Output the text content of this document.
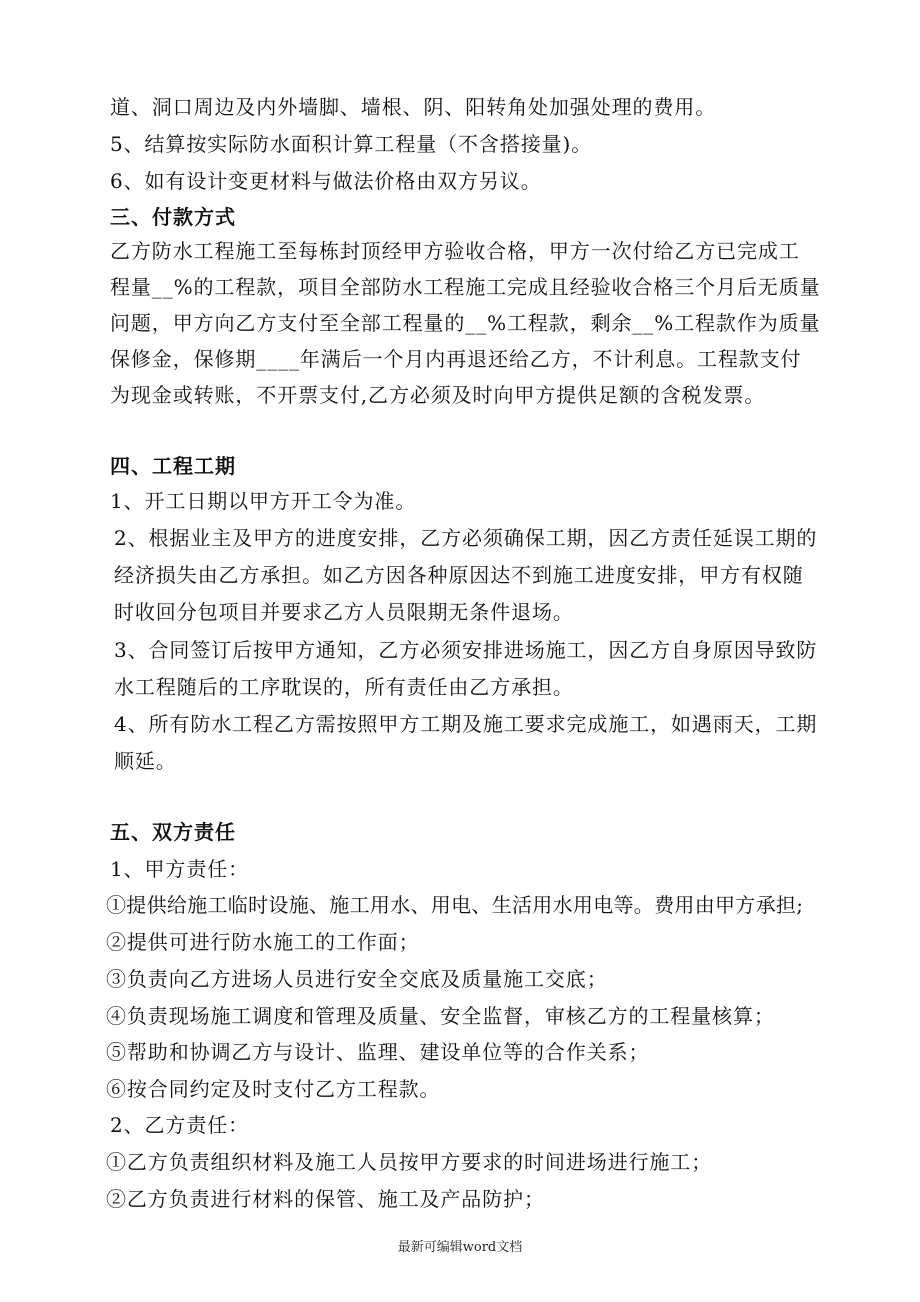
道、洞口周边及内外墙脚、墙根、阴、阳转角处加强处理的费用。
5、结算按实际防水面积计算工程量（不含搭接量)。
6、如有设计变更材料与做法价格由双方另议。
三、付款方式
乙方防水工程施工至每栋封顶经甲方验收合格，甲方一次付给乙方已完成工
程量__%的工程款，项目全部防水工程施工完成且经验收合格三个月后无质量
问题，甲方向乙方支付至全部工程量的__%工程款，剩余__%工程款作为质量
保修金，保修期____年满后一个月内再退还给乙方，不计利息。工程款支付
为现金或转账，不开票支付,乙方必须及时向甲方提供足额的含税发票。
四、工程工期
1、开工日期以甲方开工令为准。
2、根据业主及甲方的进度安排，乙方必须确保工期，因乙方责任延误工期的
经济损失由乙方承担。如乙方因各种原因达不到施工进度安排，甲方有权随
时收回分包项目并要求乙方人员限期无条件退场。
3、合同签订后按甲方通知，乙方必须安排进场施工，因乙方自身原因导致防
水工程随后的工序耽误的，所有责任由乙方承担。
4、所有防水工程乙方需按照甲方工期及施工要求完成施工，如遇雨天，工期
顺延。
五、双方责任
1、甲方责任：
①提供给施工临时设施、施工用水、用电、生活用水用电等。费用由甲方承担;
②提供可进行防水施工的工作面；
③负责向乙方进场人员进行安全交底及质量施工交底；
④负责现场施工调度和管理及质量、安全监督，审核乙方的工程量核算；
⑤帮助和协调乙方与设计、监理、建设单位等的合作关系；
⑥按合同约定及时支付乙方工程款。
2、乙方责任：
①乙方负责组织材料及施工人员按甲方要求的时间进场进行施工；
②乙方负责进行材料的保管、施工及产品防护；
最新可编辑word文档
